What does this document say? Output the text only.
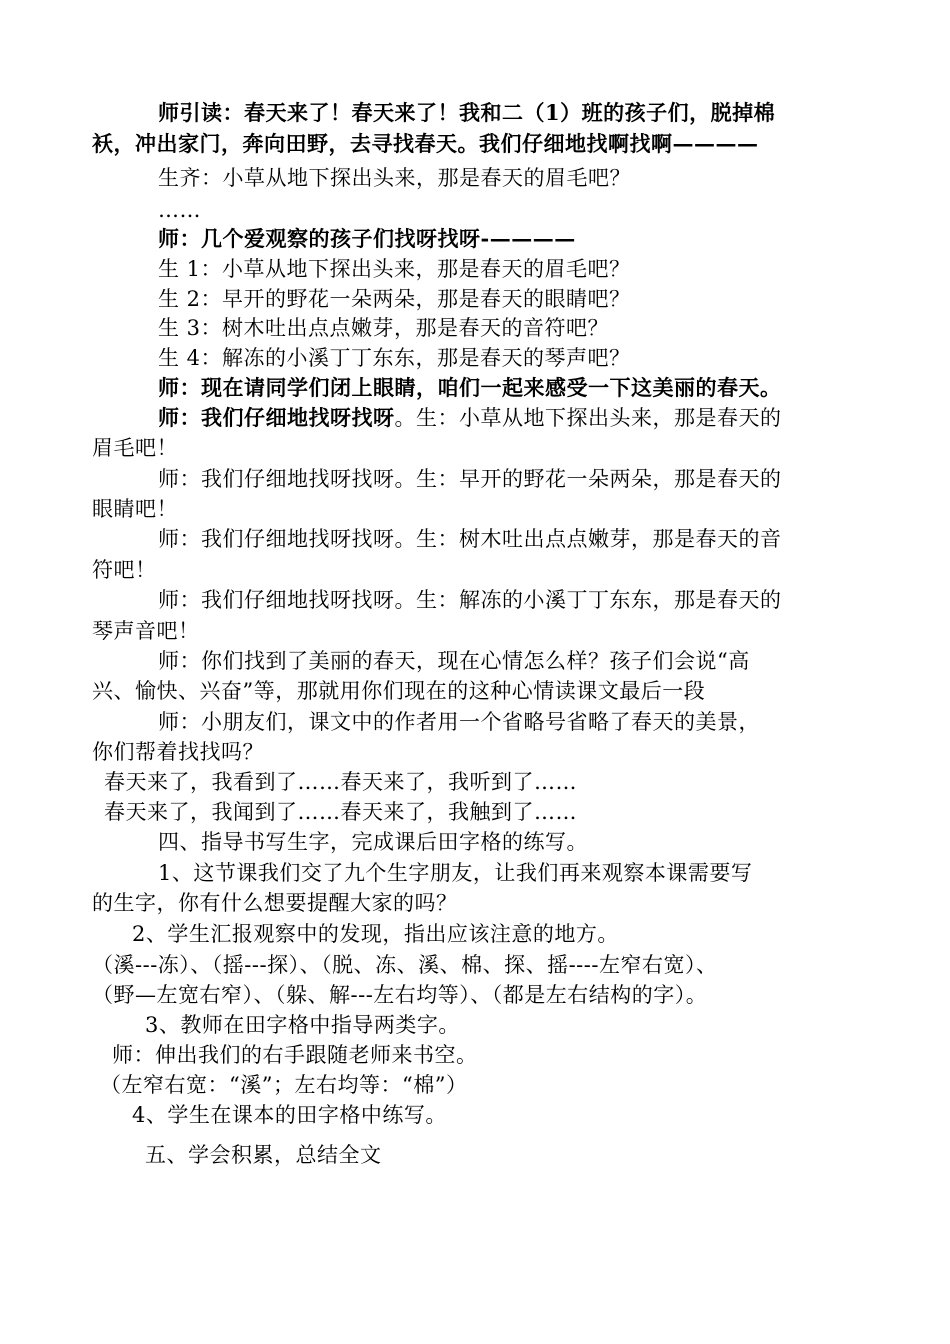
师引读：春天来了！春天来了！我和二（1）班的孩子们，脱掉棉
袄，冲出家门，奔向田野，去寻找春天。我们仔细地找啊找啊————
生齐：小草从地下探出头来，那是春天的眉毛吧？
……
师：几个爱观察的孩子们找呀找呀-————
生 1：小草从地下探出头来，那是春天的眉毛吧？
生 2：早开的野花一朵两朵，那是春天的眼睛吧？
生 3：树木吐出点点嫩芽，那是春天的音符吧？
生 4：解冻的小溪丁丁东东，那是春天的琴声吧？
师：现在请同学们闭上眼睛，咱们一起来感受一下这美丽的春天。
师：我们仔细地找呀找呀。生：小草从地下探出头来，那是春天的
眉毛吧！
师：我们仔细地找呀找呀。生：早开的野花一朵两朵，那是春天的
眼睛吧！
师：我们仔细地找呀找呀。生：树木吐出点点嫩芽，那是春天的音
符吧！
师：我们仔细地找呀找呀。生：解冻的小溪丁丁东东，那是春天的
琴声音吧！
师：你们找到了美丽的春天，现在心情怎么样？孩子们会说“高
兴、愉快、兴奋”等，那就用你们现在的这种心情读课文最后一段
师：小朋友们，课文中的作者用一个省略号省略了春天的美景，
你们帮着找找吗？
春天来了，我看到了……春天来了，我听到了……
春天来了，我闻到了……春天来了，我触到了……
四、指导书写生字，完成课后田字格的练写。
1、这节课我们交了九个生字朋友，让我们再来观察本课需要写
的生字，你有什么想要提醒大家的吗？
2、学生汇报观察中的发现，指出应该注意的地方。
（溪---冻）、（摇---探）、（脱、冻、溪、棉、探、摇----左窄右宽）、
（野—左宽右窄）、（躲、解---左右均等）、（都是左右结构的字）。
3、教师在田字格中指导两类字。
师：伸出我们的右手跟随老师来书空。
（左窄右宽：“溪”；左右均等：“棉”）
4、学生在课本的田字格中练写。
五、学会积累，总结全文
